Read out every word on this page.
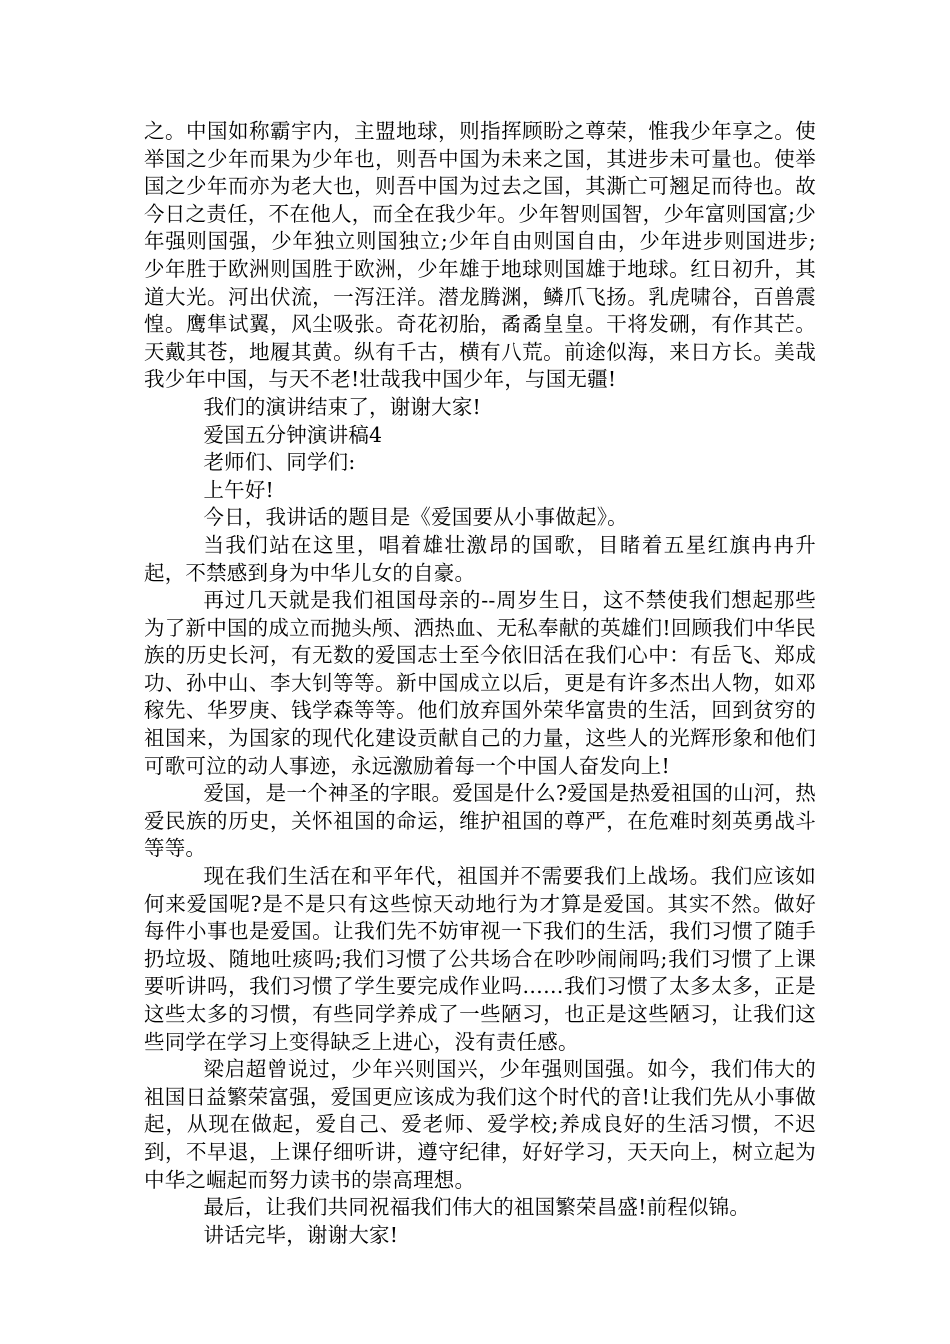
之。中国如称霸宇内，主盟地球，则指挥顾盼之尊荣，惟我少年享之。使举国之少年而果为少年也，则吾中国为未来之国，其进步未可量也。使举国之少年而亦为老大也，则吾中国为过去之国，其澌亡可翘足而待也。故今日之责任，不在他人，而全在我少年。少年智则国智，少年富则国富;少年强则国强，少年独立则国独立;少年自由则国自由，少年进步则国进步;少年胜于欧洲则国胜于欧洲，少年雄于地球则国雄于地球。红日初升，其道大光。河出伏流，一泻汪洋。潜龙腾渊，鳞爪飞扬。乳虎啸谷，百兽震惶。鹰隼试翼，风尘吸张。奇花初胎，矞矞皇皇。干将发硎，有作其芒。天戴其苍，地履其黄。纵有千古，横有八荒。前途似海，来日方长。美哉我少年中国，与天不老!壮哉我中国少年，与国无疆!

我们的演讲结束了，谢谢大家!

爱国五分钟演讲稿4

老师们、同学们:

上午好!

今日，我讲话的题目是《爱国要从小事做起》。

当我们站在这里，唱着雄壮激昂的国歌，目睹着五星红旗冉冉升起，不禁感到身为中华儿女的自豪。

再过几天就是我们祖国母亲的--周岁生日，这不禁使我们想起那些为了新中国的成立而抛头颅、洒热血、无私奉献的英雄们!回顾我们中华民族的历史长河，有无数的爱国志士至今依旧活在我们心中：有岳飞、郑成功、孙中山、李大钊等等。新中国成立以后，更是有许多杰出人物，如邓稼先、华罗庚、钱学森等等。他们放弃国外荣华富贵的生活，回到贫穷的祖国来，为国家的现代化建设贡献自己的力量，这些人的光辉形象和他们可歌可泣的动人事迹，永远激励着每一个中国人奋发向上!

爱国，是一个神圣的字眼。爱国是什么?爱国是热爱祖国的山河，热爱民族的历史，关怀祖国的命运，维护祖国的尊严，在危难时刻英勇战斗等等。

现在我们生活在和平年代，祖国并不需要我们上战场。我们应该如何来爱国呢?是不是只有这些惊天动地行为才算是爱国。其实不然。做好每件小事也是爱国。让我们先不妨审视一下我们的生活，我们习惯了随手扔垃圾、随地吐痰吗;我们习惯了公共场合在吵吵闹闹吗;我们习惯了上课要听讲吗，我们习惯了学生要完成作业吗……我们习惯了太多太多，正是这些太多的习惯，有些同学养成了一些陋习，也正是这些陋习，让我们这些同学在学习上变得缺乏上进心，没有责任感。

梁启超曾说过，少年兴则国兴，少年强则国强。如今，我们伟大的祖国日益繁荣富强，爱国更应该成为我们这个时代的音!让我们先从小事做起，从现在做起，爱自己、爱老师、爱学校;养成良好的生活习惯，不迟到，不早退，上课仔细听讲，遵守纪律，好好学习，天天向上，树立起为中华之崛起而努力读书的崇高理想。

最后，让我们共同祝福我们伟大的祖国繁荣昌盛!前程似锦。

讲话完毕，谢谢大家!
